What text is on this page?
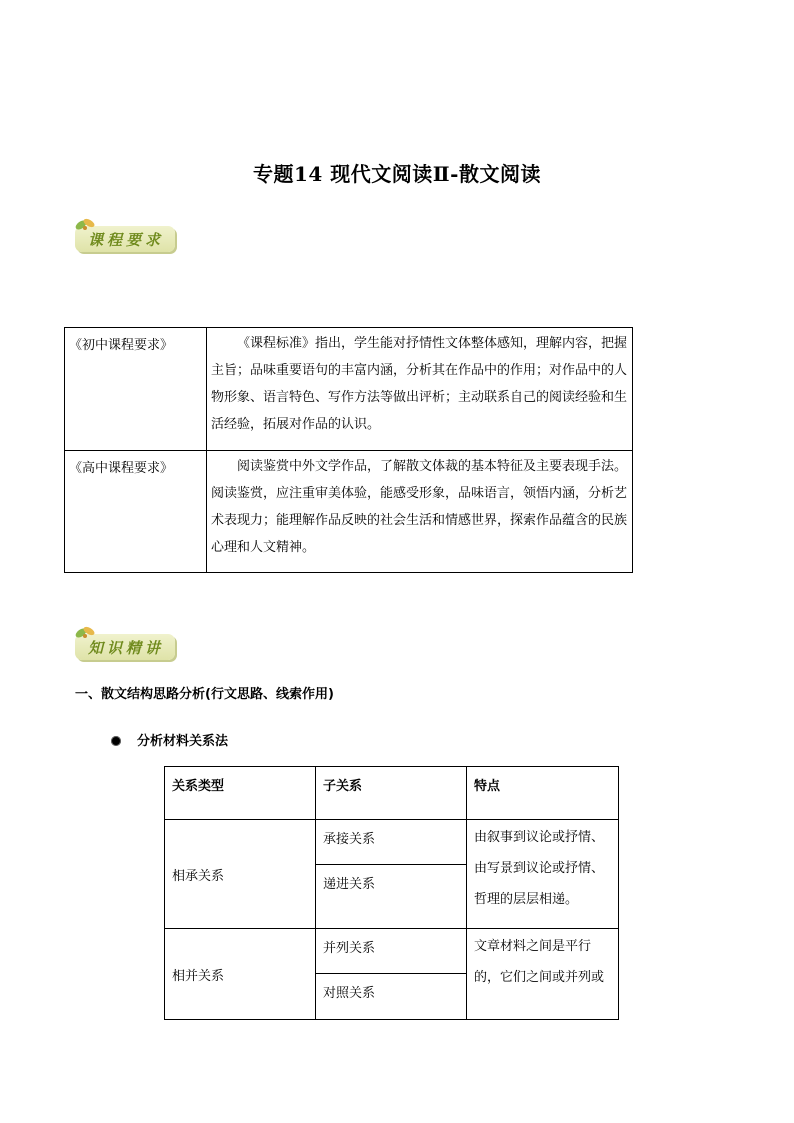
专题14 现代文阅读Ⅱ-散文阅读
课程要求
《初中课程要求》	《课程标准》指出，学生能对抒情性文体整体感知，理解内容，把握主旨；品味重要语句的丰富内涵，分析其在作品中的作用；对作品中的人物形象、语言特色、写作方法等做出评析；主动联系自己的阅读经验和生活经验，拓展对作品的认识。
《高中课程要求》	阅读鉴赏中外文学作品，了解散文体裁的基本特征及主要表现手法。阅读鉴赏，应注重审美体验，能感受形象，品味语言，领悟内涵，分析艺术表现力；能理解作品反映的社会生活和情感世界，探索作品蕴含的民族心理和人文精神。
知识精讲
一、散文结构思路分析(行文思路、线索作用)
分析材料关系法
关系类型	子关系	特点
相承关系	承接关系	由叙事到议论或抒情、由写景到议论或抒情、哲理的层层相递。
	递进关系	
相并关系	并列关系	文章材料之间是平行的，它们之间或并列或
	对照关系	
